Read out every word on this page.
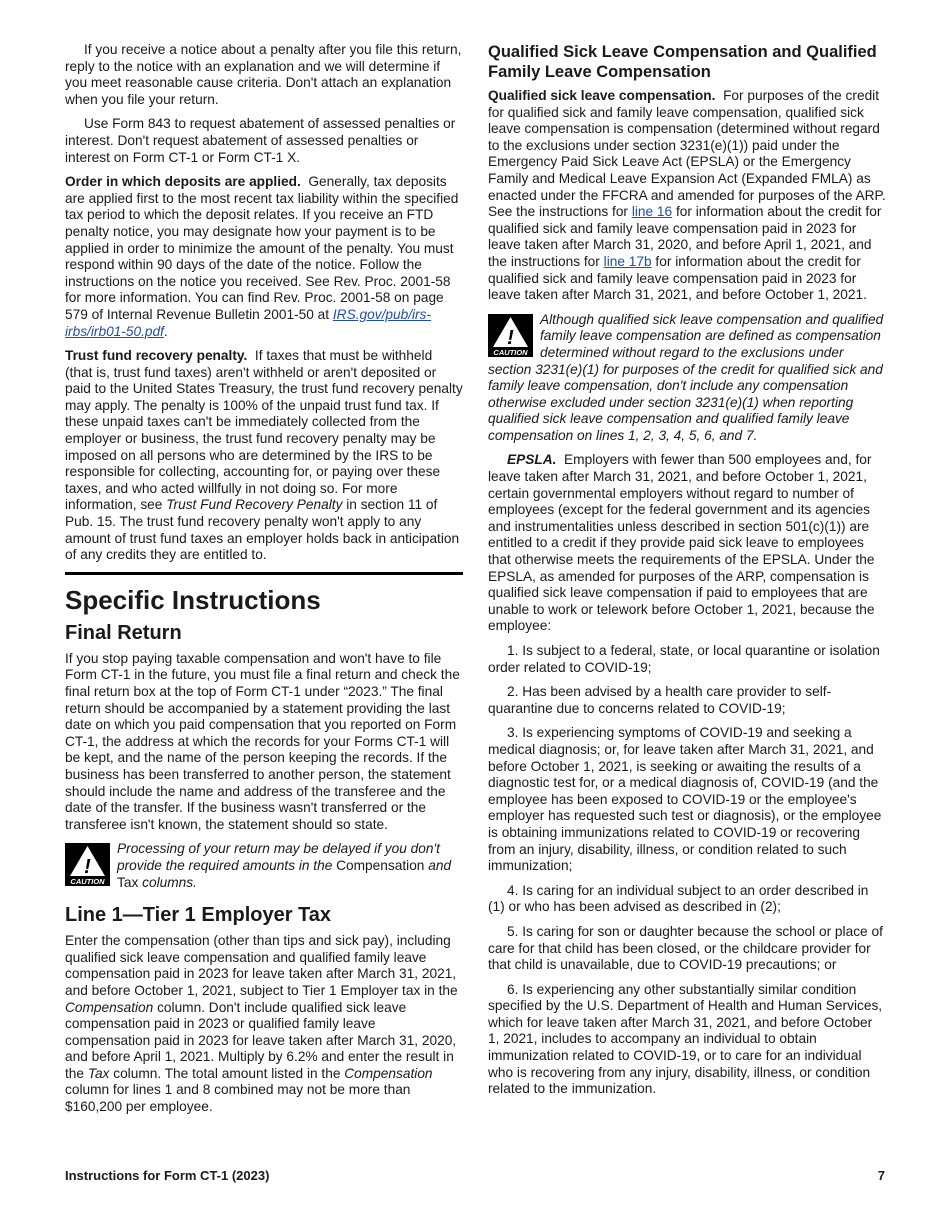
If you receive a notice about a penalty after you file this return, reply to the notice with an explanation and we will determine if you meet reasonable cause criteria. Don't attach an explanation when you file your return.

Use Form 843 to request abatement of assessed penalties or interest. Don't request abatement of assessed penalties or interest on Form CT-1 or Form CT-1 X.

Order in which deposits are applied. Generally, tax deposits are applied first to the most recent tax liability within the specified tax period to which the deposit relates. If you receive an FTD penalty notice, you may designate how your payment is to be applied in order to minimize the amount of the penalty. You must respond within 90 days of the date of the notice. Follow the instructions on the notice you received. See Rev. Proc. 2001-58 for more information. You can find Rev. Proc. 2001-58 on page 579 of Internal Revenue Bulletin 2001-50 at IRS.gov/pub/irs-irbs/irb01-50.pdf.

Trust fund recovery penalty. If taxes that must be withheld (that is, trust fund taxes) aren't withheld or aren't deposited or paid to the United States Treasury, the trust fund recovery penalty may apply. The penalty is 100% of the unpaid trust fund tax. If these unpaid taxes can't be immediately collected from the employer or business, the trust fund recovery penalty may be imposed on all persons who are determined by the IRS to be responsible for collecting, accounting for, or paying over these taxes, and who acted willfully in not doing so. For more information, see Trust Fund Recovery Penalty in section 11 of Pub. 15. The trust fund recovery penalty won't apply to any amount of trust fund taxes an employer holds back in anticipation of any credits they are entitled to.

Specific Instructions
Final Return

If you stop paying taxable compensation and won't have to file Form CT-1 in the future, you must file a final return and check the final return box at the top of Form CT-1 under “2023.” The final return should be accompanied by a statement providing the last date on which you paid compensation that you reported on Form CT-1, the address at which the records for your Forms CT-1 will be kept, and the name of the person keeping the records. If the business has been transferred to another person, the statement should include the name and address of the transferee and the date of the transfer. If the business wasn't transferred or the transferee isn't known, the statement should so state.

!
CAUTION
Processing of your return may be delayed if you don't provide the required amounts in the Compensation and Tax columns.
Line 1—Tier 1 Employer Tax

Enter the compensation (other than tips and sick pay), including qualified sick leave compensation and qualified family leave compensation paid in 2023 for leave taken after March 31, 2021, and before October 1, 2021, subject to Tier 1 Employer tax in the Compensation column. Don't include qualified sick leave compensation paid in 2023 or qualified family leave compensation paid in 2023 for leave taken after March 31, 2020, and before April 1, 2021. Multiply by 6.2% and enter the result in the Tax column. The total amount listed in the Compensation column for lines 1 and 8 combined may not be more than $160,200 per employee.

Qualified Sick Leave Compensation and Qualified Family Leave Compensation

Qualified sick leave compensation. For purposes of the credit for qualified sick and family leave compensation, qualified sick leave compensation is compensation (determined without regard to the exclusions under section 3231(e)(1)) paid under the Emergency Paid Sick Leave Act (EPSLA) or the Emergency Family and Medical Leave Expansion Act (Expanded FMLA) as enacted under the FFCRA and amended for purposes of the ARP. See the instructions for line 16 for information about the credit for qualified sick and family leave compensation paid in 2023 for leave taken after March 31, 2020, and before April 1, 2021, and the instructions for line 17b for information about the credit for qualified sick and family leave compensation paid in 2023 for leave taken after March 31, 2021, and before October 1, 2021.

!
CAUTION
Although qualified sick leave compensation and qualified family leave compensation are defined as compensation determined without regard to the exclusions under section 3231(e)(1) for purposes of the credit for qualified sick and family leave compensation, don't include any compensation otherwise excluded under section 3231(e)(1) when reporting qualified sick leave compensation and qualified family leave compensation on lines 1, 2, 3, 4, 5, 6, and 7.

EPSLA. Employers with fewer than 500 employees and, for leave taken after March 31, 2021, and before October 1, 2021, certain governmental employers without regard to number of employees (except for the federal government and its agencies and instrumentalities unless described in section 501(c)(1)) are entitled to a credit if they provide paid sick leave to employees that otherwise meets the requirements of the EPSLA. Under the EPSLA, as amended for purposes of the ARP, compensation is qualified sick leave compensation if paid to employees that are unable to work or telework before October 1, 2021, because the employee:

1. Is subject to a federal, state, or local quarantine or isolation order related to COVID-19;

2. Has been advised by a health care provider to self-quarantine due to concerns related to COVID-19;

3. Is experiencing symptoms of COVID-19 and seeking a medical diagnosis; or, for leave taken after March 31, 2021, and before October 1, 2021, is seeking or awaiting the results of a diagnostic test for, or a medical diagnosis of, COVID-19 (and the employee has been exposed to COVID-19 or the employee's employer has requested such test or diagnosis), or the employee is obtaining immunizations related to COVID-19 or recovering from an injury, disability, illness, or condition related to such immunization;

4. Is caring for an individual subject to an order described in (1) or who has been advised as described in (2);

5. Is caring for son or daughter because the school or place of care for that child has been closed, or the childcare provider for that child is unavailable, due to COVID-19 precautions; or

6. Is experiencing any other substantially similar condition specified by the U.S. Department of Health and Human Services, which for leave taken after March 31, 2021, and before October 1, 2021, includes to accompany an individual to obtain immunization related to COVID-19, or to care for an individual who is recovering from any injury, disability, illness, or condition related to the immunization.

Instructions for Form CT-1 (2023)	7
